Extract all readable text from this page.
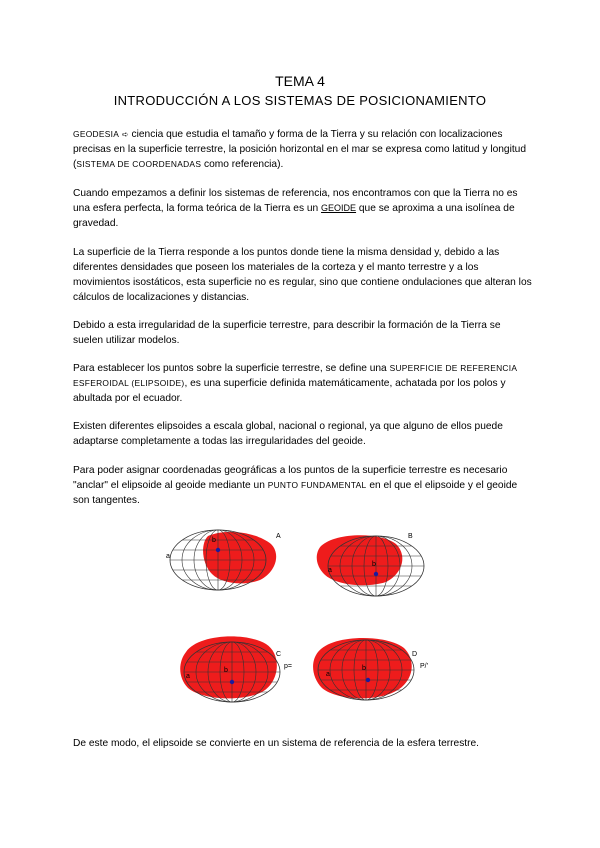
TEMA 4
INTRODUCCIÓN A LOS SISTEMAS DE POSICIONAMIENTO

GEODESIA ➪ ciencia que estudia el tamaño y forma de la Tierra y su relación con localizaciones precisas en la superficie terrestre, la posición horizontal en el mar se expresa como latitud y longitud (SISTEMA DE COORDENADAS como referencia).

Cuando empezamos a definir los sistemas de referencia, nos encontramos con que la Tierra no es una esfera perfecta, la forma teórica de la Tierra es un GEOIDE que se aproxima a una isolínea de gravedad.

La superficie de la Tierra responde a los puntos donde tiene la misma densidad y, debido a las diferentes densidades que poseen los materiales de la corteza y el manto terrestre y a los movimientos isostáticos, esta superficie no es regular, sino que contiene ondulaciones que alteran los cálculos de localizaciones y distancias.

Debido a esta irregularidad de la superficie terrestre, para describir la formación de la Tierra se suelen utilizar modelos.

Para establecer los puntos sobre la superficie terrestre, se define una SUPERFICIE DE REFERENCIA ESFEROIDAL (ELIPSOIDE), es una superficie definida matemáticamente, achatada por los polos y abultada por el ecuador.

Existen diferentes elipsoides a escala global, nacional o regional, ya que alguno de ellos puede adaptarse completamente a todas las irregularidades del geoide.

Para poder asignar coordenadas geográficas a los puntos de la superficie terrestre es necesario "anclar" el elipsoide al geoide mediante un PUNTO FUNDAMENTAL en el que el elipsoide y el geoide son tangentes.

a
b
A
a
b
B
b
C
p=
a
b
D
P/'
a

De este modo, el elipsoide se convierte en un sistema de referencia de la esfera terrestre.
